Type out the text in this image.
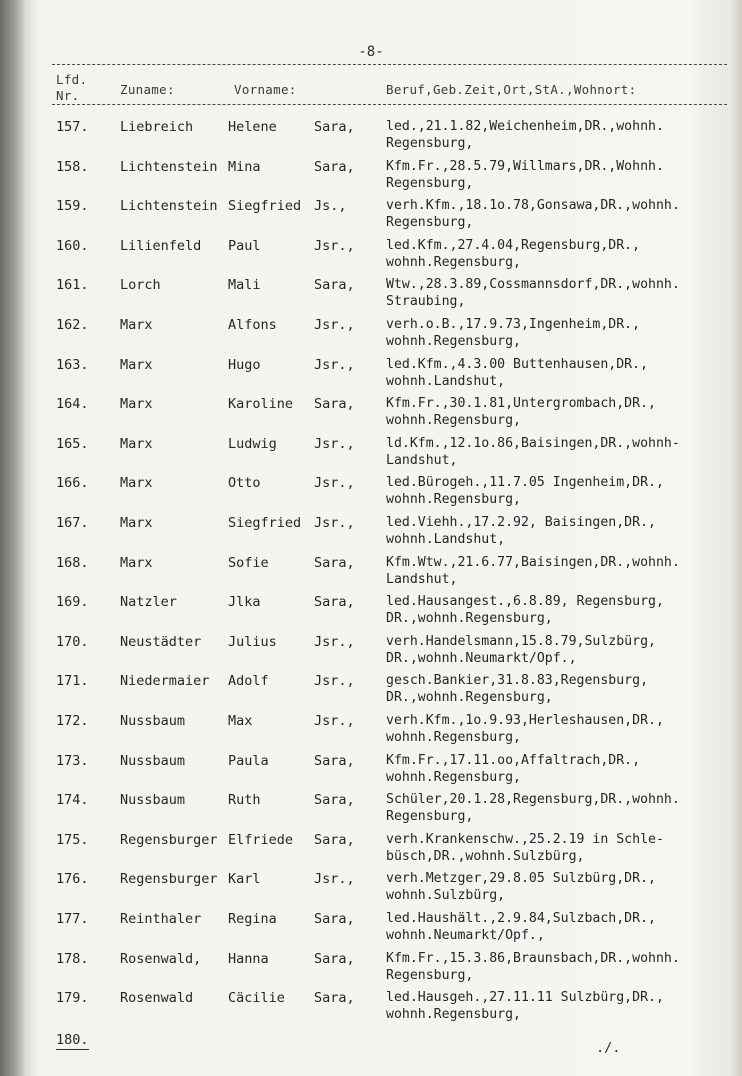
-8-
Lfd.
Nr.	Zuname:	Vorname:	Beruf,Geb.Zeit,Ort,StA.,Wohnort:
157. Liebreich	Helene	Sara, led.,21.1.82,Weichenheim,DR.,wohnh.
Regensburg,
158. Lichtenstein Mina	Sara, Kfm.Fr.,28.5.79,Willmars,DR.,Wohnh.
Regensburg,
159. Lichtenstein Siegfried Js.,	verh.Kfm.,18.1o.78,Gonsawa,DR.,wohnh.
Regensburg,
160. Lilienfeld Paul	Jsr., led.Kfm.,27.4.04,Regensburg,DR.,
wohnh.Regensburg,
161. Lorch	Mali	Sara, Wtw.,28.3.89,Cossmannsdorf,DR.,wohnh.
Straubing,
162. Marx	Alfons	Jsr., verh.o.B.,17.9.73,Ingenheim,DR.,
wohnh.Regensburg,
163. Marx	Hugo	Jsr., led.Kfm.,4.3.00 Buttenhausen,DR.,
wohnh.Landshut,
164. Marx	Karoline Sara, Kfm.Fr.,30.1.81,Untergrombach,DR.,
wohnh.Regensburg,
165. Marx	Ludwig	Jsr., ld.Kfm.,12.1o.86,Baisingen,DR.,wohnh-
Landshut,
166. Marx	Otto	Jsr., led.Bürogeh.,11.7.05 Ingenheim,DR.,
wohnh.Regensburg,
167. Marx	Siegfried Jsr., led.Viehh.,17.2.92, Baisingen,DR.,
wohnh.Landshut,
168. Marx	Sofie	Sara, Kfm.Wtw.,21.6.77,Baisingen,DR.,wohnh.
Landshut,
169. Natzler	Jlka	Sara, led.Hausangest.,6.8.89, Regensburg,
DR.,wohnh.Regensburg,
170. Neustädter Julius	Jsr., verh.Handelsmann,15.8.79,Sulzbürg,
DR.,wohnh.Neumarkt/Opf.,
171. Niedermaier Adolf	Jsr., gesch.Bankier,31.8.83,Regensburg,
DR.,wohnh.Regensburg,
172. Nussbaum	Max	Jsr., verh.Kfm.,1o.9.93,Herleshausen,DR.,
wohnh.Regensburg,
173. Nussbaum	Paula	Sara, Kfm.Fr.,17.11.oo,Affaltrach,DR.,
wohnh.Regensburg,
174. Nussbaum	Ruth	Sara, Schüler,20.1.28,Regensburg,DR.,wohnh.
Regensburg,
175. Regensburger Elfriede Sara, verh.Krankenschw.,25.2.19 in Schle-
büsch,DR.,wohnh.Sulzbürg,
176. Regensburger Karl	Jsr., verh.Metzger,29.8.05 Sulzbürg,DR.,
wohnh.Sulzbürg,
177. Reinthaler Regina	Sara, led.Haushält.,2.9.84,Sulzbach,DR.,
wohnh.Neumarkt/Opf.,
178. Rosenwald, Hanna	Sara, Kfm.Fr.,15.3.86,Braunsbach,DR.,wohnh.
Regensburg,
179. Rosenwald	Cäcilie Sara, led.Hausgeh.,27.11.11 Sulzbürg,DR.,
wohnh.Regensburg,
180.	./.
